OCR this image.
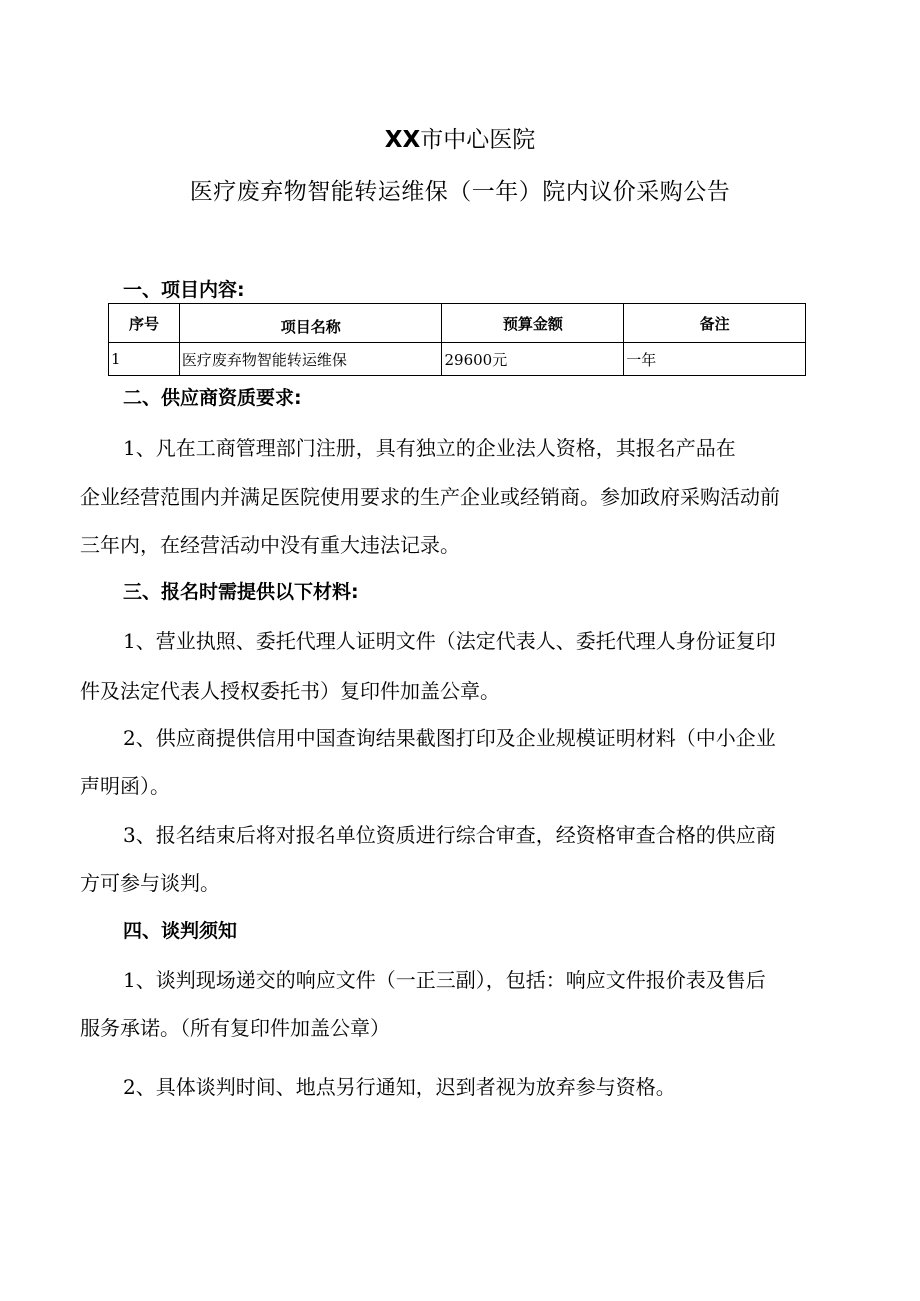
XX市中心医院
医疗废弃物智能转运维保（一年）院内议价采购公告
一、项目内容:
序号	项目名称	预算金额	备注
1	医疗废弃物智能转运维保	29600元	一年
二、供应商资质要求:
1、凡在工商管理部门注册，具有独立的企业法人资格，其报名产品在
企业经营范围内并满足医院使用要求的生产企业或经销商。参加政府采购活动前
三年内，在经营活动中没有重大违法记录。
三、报名时需提供以下材料:
1、营业执照、委托代理人证明文件（法定代表人、委托代理人身份证复印
件及法定代表人授权委托书）复印件加盖公章。
2、供应商提供信用中国查询结果截图打印及企业规模证明材料（中小企业
声明函）。
3、报名结束后将对报名单位资质进行综合审查，经资格审查合格的供应商
方可参与谈判。
四、谈判须知
1、谈判现场递交的响应文件（一正三副），包括：响应文件报价表及售后
服务承诺。（所有复印件加盖公章）
2、具体谈判时间、地点另行通知，迟到者视为放弃参与资格。
